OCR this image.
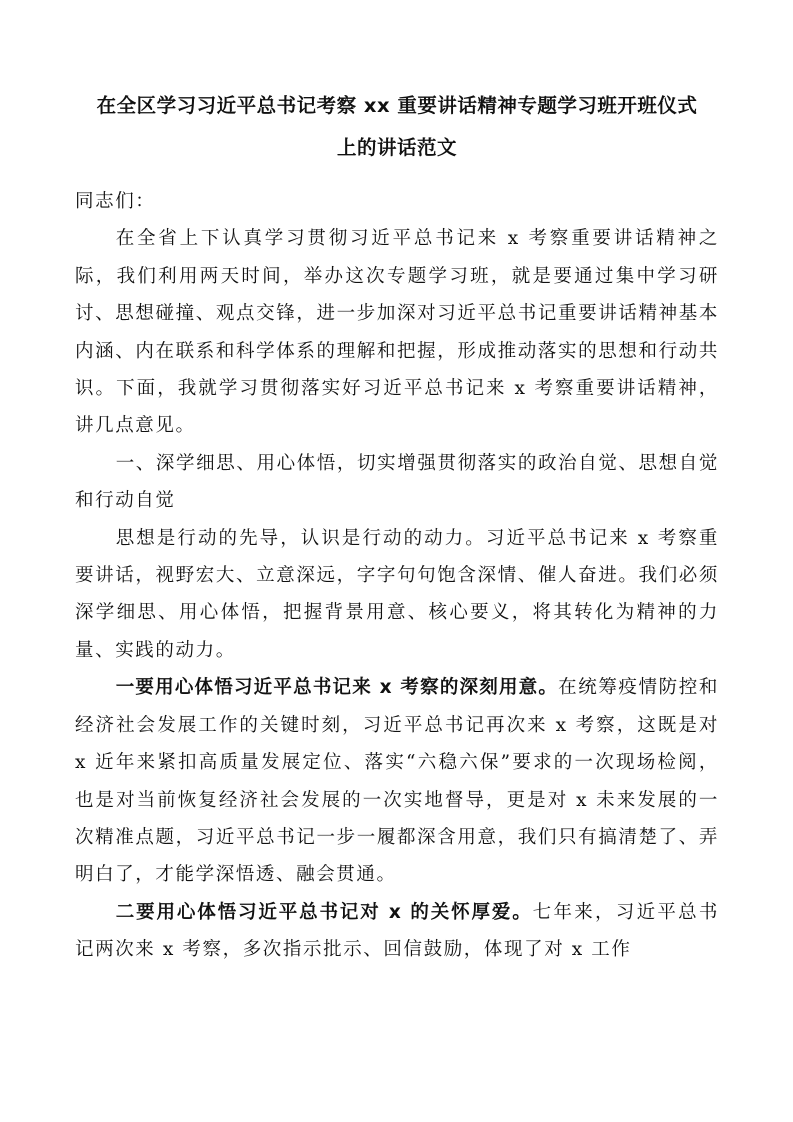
在全区学习习近平总书记考察 xx 重要讲话精神专题学习班开班仪式
上的讲话范文

同志们：

在全省上下认真学习贯彻习近平总书记来 x 考察重要讲话精神之际，我们利用两天时间，举办这次专题学习班，就是要通过集中学习研讨、思想碰撞、观点交锋，进一步加深对习近平总书记重要讲话精神基本内涵、内在联系和科学体系的理解和把握，形成推动落实的思想和行动共识。下面，我就学习贯彻落实好习近平总书记来 x 考察重要讲话精神，讲几点意见。

一、深学细思、用心体悟，切实增强贯彻落实的政治自觉、思想自觉和行动自觉

思想是行动的先导，认识是行动的动力。习近平总书记来 x 考察重要讲话，视野宏大、立意深远，字字句句饱含深情、催人奋进。我们必须深学细思、用心体悟，把握背景用意、核心要义，将其转化为精神的力量、实践的动力。

一要用心体悟习近平总书记来 x 考察的深刻用意。在统筹疫情防控和经济社会发展工作的关键时刻，习近平总书记再次来 x 考察，这既是对 x 近年来紧扣高质量发展定位、落实“六稳六保”要求的一次现场检阅，也是对当前恢复经济社会发展的一次实地督导，更是对 x 未来发展的一次精准点题，习近平总书记一步一履都深含用意，我们只有搞清楚了、弄明白了，才能学深悟透、融会贯通。

二要用心体悟习近平总书记对 x 的关怀厚爱。七年来，习近平总书记两次来 x 考察，多次指示批示、回信鼓励，体现了对 x 工作
